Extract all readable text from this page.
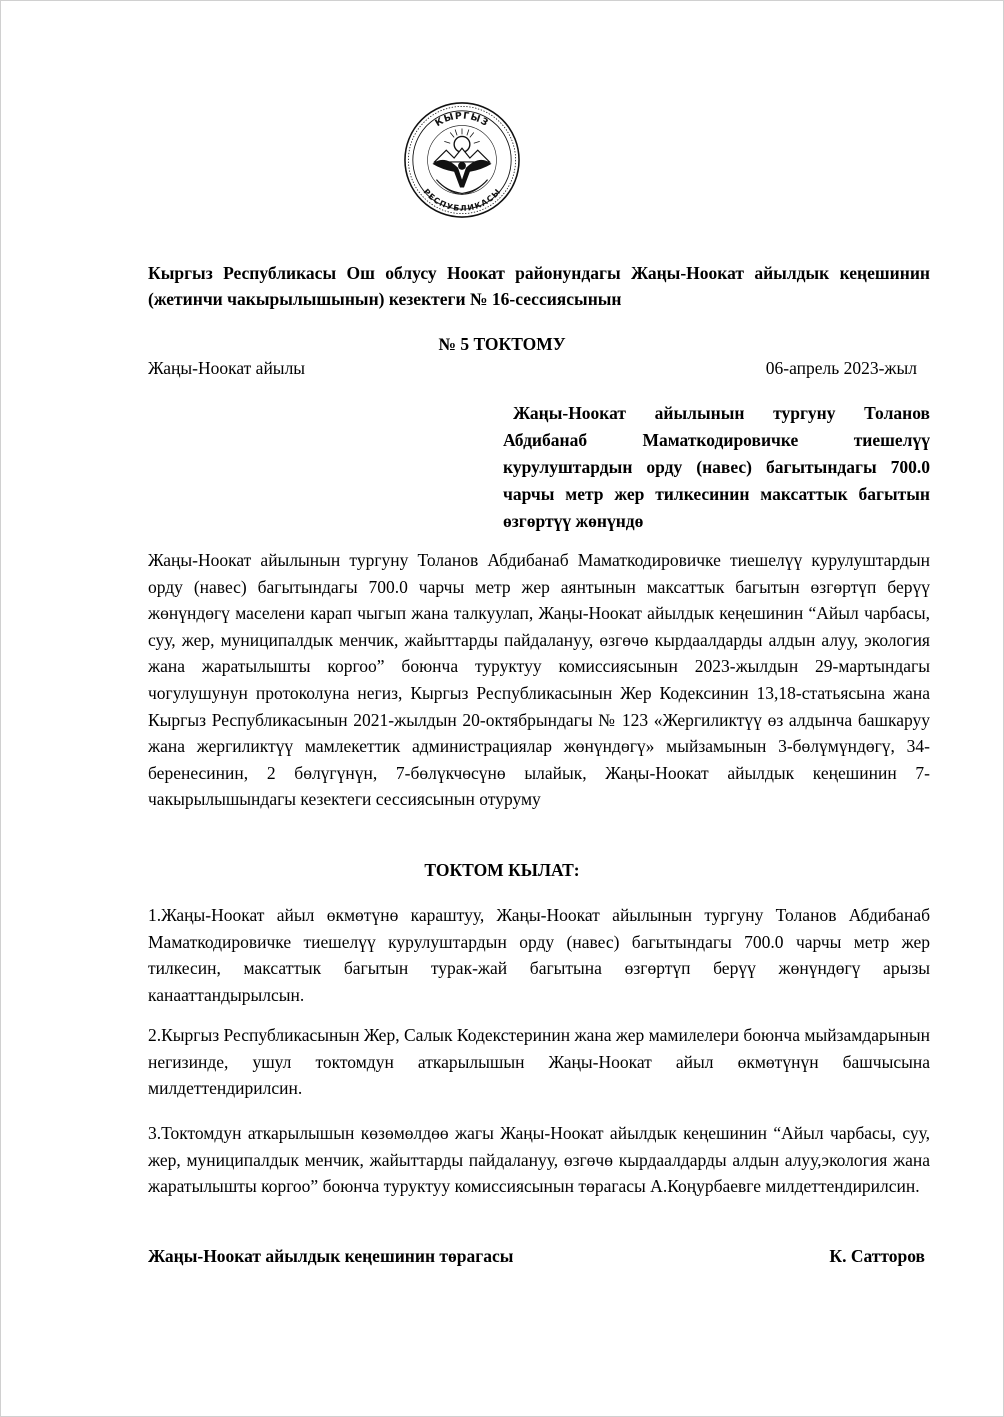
КЫРГЫЗ
РЕСПУБЛИКАСЫ
Кыргыз Республикасы Ош облусу Ноокат районундагы Жаңы-Ноокат айылдык кеңешинин (жетинчи чакырылышынын) кезектеги № 16-сессиясынын
№ 5 ТОКТОМУ
Жаңы-Ноокат айылы	06-апрель 2023-жыл
Жаңы-Ноокат айылынын тургуну Толанов Абдибанаб Маматкодировичке тиешелүү курулуштардын орду (навес) багытындагы 700.0 чарчы метр жер тилкесинин максаттык багытын өзгөртүү жөнүндө
Жаңы-Ноокат айылынын тургуну Толанов Абдибанаб Маматкодировичке тиешелүү курулуштардын орду (навес) багытындагы 700.0 чарчы метр жер аянтынын максаттык багытын өзгөртүп берүү жөнүндөгү маселени карап чыгып жана талкуулап, Жаңы-Ноокат айылдык кеңешинин “Айыл чарбасы, суу, жер, муниципалдык менчик, жайыттарды пайдалануу, өзгөчө кырдаалдарды алдын алуу, экология жана жаратылышты коргоо” боюнча туруктуу комиссиясынын 2023-жылдын 29-мартындагы чогулушунун протоколуна негиз, Кыргыз Республикасынын Жер Кодексинин 13,18-статьясына жана Кыргыз Республикасынын 2021-жылдын 20-октябрындагы № 123 «Жергиликтүү өз алдынча башкаруу жана жергиликтүү мамлекеттик администрациялар жөнүндөгү» мыйзамынын 3-бөлүмүндөгү, 34-беренесинин, 2 бөлүгүнүн, 7-бөлүкчөсүнө ылайык, Жаңы-Ноокат айылдык кеңешинин 7-чакырылышындагы кезектеги сессиясынын отуруму
ТОКТОМ КЫЛАТ:
1.Жаңы-Ноокат айыл өкмөтүнө караштуу, Жаңы-Ноокат айылынын тургуну Толанов Абдибанаб Маматкодировичке тиешелүү курулуштардын орду (навес) багытындагы 700.0 чарчы метр жер тилкесин, максаттык багытын турак-жай багытына өзгөртүп берүү жөнүндөгү арызы канааттандырылсын.
2.Кыргыз Республикасынын Жер, Салык Кодекстеринин жана жер мамилелери боюнча мыйзамдарынын негизинде, ушул токтомдун аткарылышын Жаңы-Ноокат айыл өкмөтүнүн башчысына милдеттендирилсин.
3.Токтомдун аткарылышын көзөмөлдөө жагы Жаңы-Ноокат айылдык кеңешинин “Айыл чарбасы, суу, жер, муниципалдык менчик, жайыттарды пайдалануу, өзгөчө кырдаалдарды алдын алуу,экология жана жаратылышты коргоо” боюнча туруктуу комиссиясынын төрагасы А.Коңурбаевге милдеттендирилсин.
Жаңы-Ноокат айылдык кеңешинин төрагасы	К. Сатторов
